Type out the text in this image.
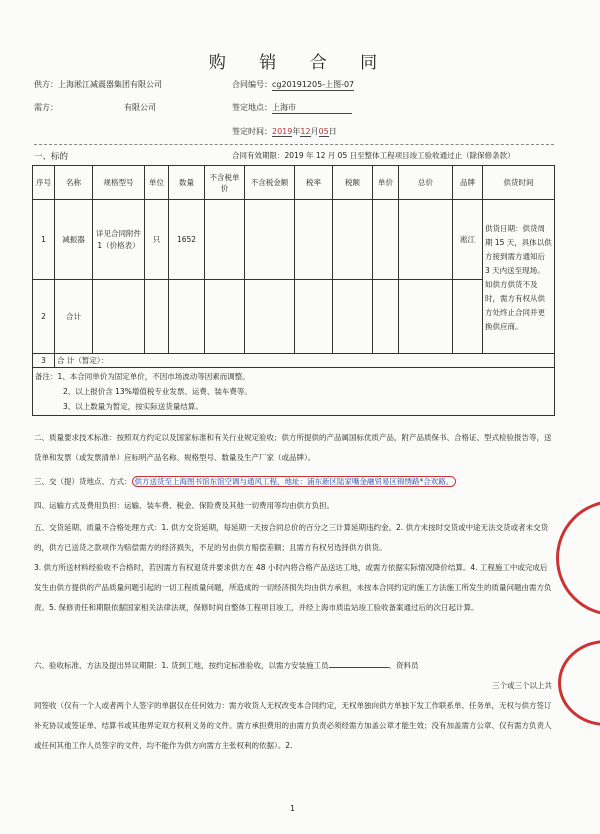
购 销 合 同
供方：上海淞江减震器集团有限公司	合同编号：cg20191205-上图-07
需方：	有限公司	签定地点：上海市
签定时间：2019年12月05日
一、标的	合同有效期限：2019 年 12 月 05 日至整体工程项目竣工验收通过止（除保修条款）
序号	名称	规格型号	单位	数量	不含税单价	不含税金额	税率	税额	单价	总价	品牌	供货时间
1	减振器	详见合同附件 1（价格表）	只	1652							淞江	供货日期：供货周期 15 天，具体以供方接到需方通知后 3 天内送至现场。如供方供货不及时，需方有权从供方处终止合同并更换供应商。
2	合计											
3	合 计（暂定）：											

备注：1、本合同单价为固定单价，不因市场波动等因素而调整。
2、以上报价含 13%增值税专业发票、运费、装车费等。
3、以上数量为暂定，按实际送货量结算。												
二、质量要求技术标准：按照双方约定以及国家标准和有关行业规定验收；供方所提供的产品属国标优质产品，附产品质保书、合格证、型式检验报告等，送货单和发票（或发票清单）应标明产品名称、规格型号、数量及生产厂家（或品牌）。
三、交（提）货地点、方式： 供方送货至上海图书馆东馆空调与通风工程，地址：浦东新区陆家嘴金融贸易区锦绣路*合欢路。
四、运输方式及费用负担：运输、装车费、税金、保险费及其他一切费用等均由供方负担。
五、交货延期、质量不合格处理方式：1. 供方交货延期，每延期一天按合同总价的百分之三计算延期违约金。2. 供方未按时交货或中途无法交货或者未交货的，供方已送货之款项作为赔偿需方的经济损失，不足的另由供方赔偿差额；且需方有权另选择供方供货。
3. 供方所送材料经验收不合格时，若因需方有权退货并要求供方在 48 小时内将合格产品送达工地，或需方依据实际情况降价结算。4. 工程施工中或完成后发生由供方提供的产品质量问题引起的一切工程质量问题，所造成的一切经济损失均由供方承担，未按本合同约定的施工方法施工所发生的质量问题由需方负责。5. 保修责任和期限依据国家相关法律法规，保修时间自整体工程项目竣工，并经上海市质监站竣工验收备案通过后的次日起计算。
六、验收标准、方法及提出异议期限：1. 货到工地，按约定标准验收，以需方安装施工员	、资料员

三个或三个以上共
同签收（仅有一个人或者两个人签字的单据仅在任何效力：需方收货人无权改变本合同约定，无权单独向供方单独下发工作联系单、任务单，无权与供方签订补充协议或签证单、结算书或其他界定双方权利义务的文件。需方承担费用的由需方负责必须经需方加盖公章才能生效；没有加盖需方公章、仅有需方负责人或任何其他工作人员签字的文件，均不能作为供方向需方主张权利的依据）。2.
1
